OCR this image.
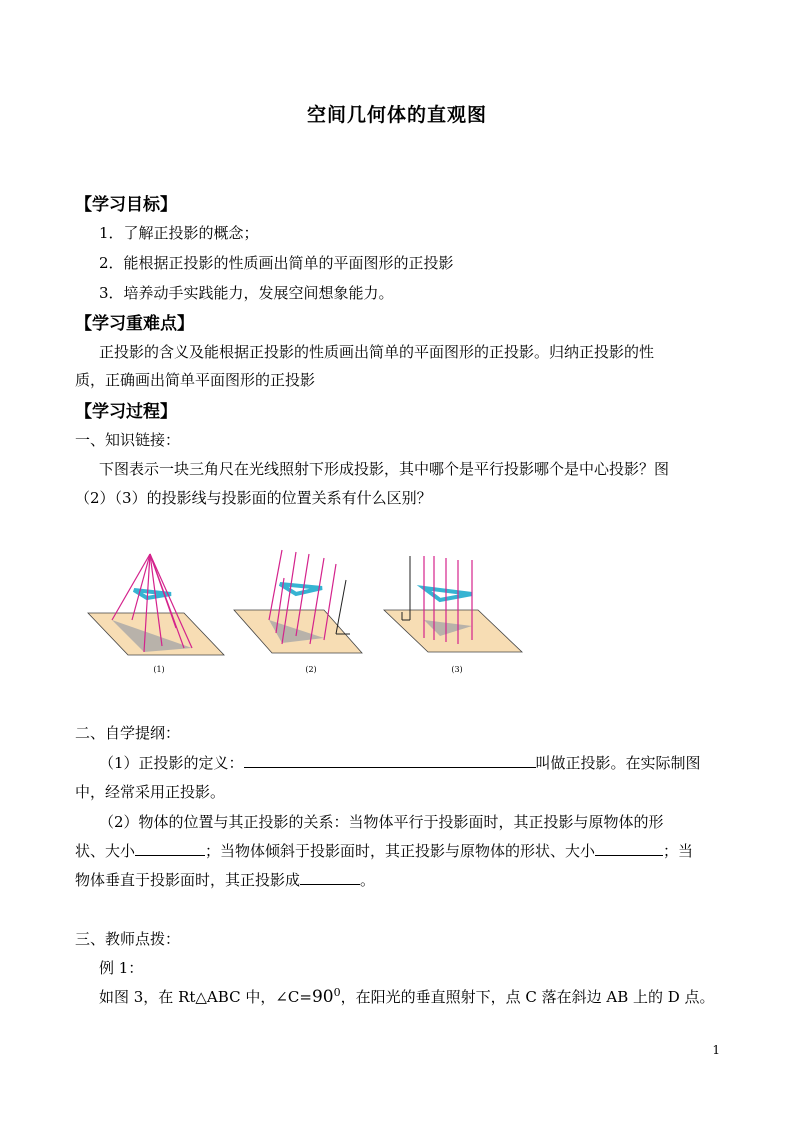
空间几何体的直观图
【学习目标】
1．了解正投影的概念；
2．能根据正投影的性质画出简单的平面图形的正投影
3．培养动手实践能力，发展空间想象能力。
【学习重难点】
正投影的含义及能根据正投影的性质画出简单的平面图形的正投影。归纳正投影的性
质，正确画出简单平面图形的正投影
【学习过程】
一、知识链接：
下图表示一块三角尺在光线照射下形成投影，其中哪个是平行投影哪个是中心投影？图
（2）（3）的投影线与投影面的位置关系有什么区别？
(1)	(2)	(3)
二、自学提纲：
（1）正投影的定义：	叫做正投影。在实际制图
中，经常采用正投影。
（2）物体的位置与其正投影的关系：当物体平行于投影面时，其正投影与原物体的形
状、大小	；当物体倾斜于投影面时，其正投影与原物体的形状、大小	；当
物体垂直于投影面时，其正投影成	。
三、教师点拨：
例 1：
如图 3，在 Rt△ABC 中，$\angle C=90^0$，在阳光的垂直照射下，点 C 落在斜边 AB 上的 D 点。
1
